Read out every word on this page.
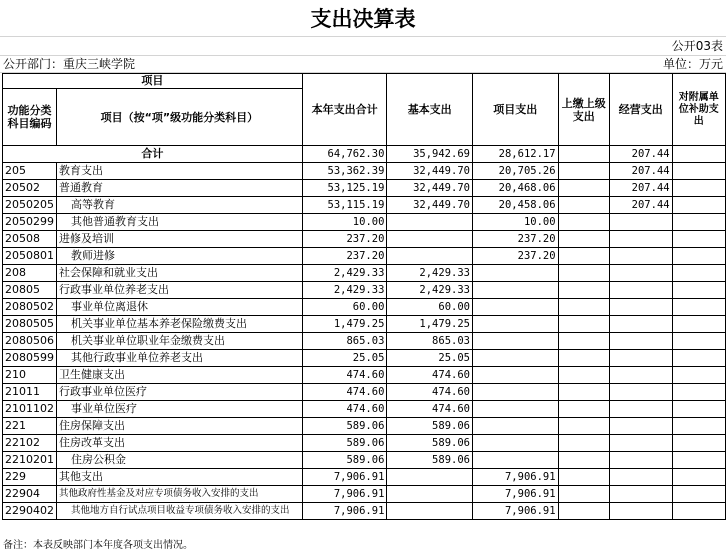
支出决算表
公开03表
公开部门：重庆三峡学院	单位：万元
项目		本年支出合计	基本支出	项目支出	上缴上级支出	经营支出	对附属单位补助支出
功能分类科目编码	项目（按“项”级功能分类科目）						
合计		64,762.30	35,942.69	28,612.17		207.44	
205	教育支出	53,362.39	32,449.70	20,705.26		207.44	
20502	普通教育	53,125.19	32,449.70	20,468.06		207.44	
2050205	高等教育	53,115.19	32,449.70	20,458.06		207.44	
2050299	其他普通教育支出	10.00		10.00			
20508	进修及培训	237.20		237.20			
2050801	教师进修	237.20		237.20			
208	社会保障和就业支出	2,429.33	2,429.33				
20805	行政事业单位养老支出	2,429.33	2,429.33				
2080502	事业单位离退休	60.00	60.00				
2080505	机关事业单位基本养老保险缴费支出	1,479.25	1,479.25				
2080506	机关事业单位职业年金缴费支出	865.03	865.03				
2080599	其他行政事业单位养老支出	25.05	25.05				
210	卫生健康支出	474.60	474.60				
21011	行政事业单位医疗	474.60	474.60				
2101102	事业单位医疗	474.60	474.60				
221	住房保障支出	589.06	589.06				
22102	住房改革支出	589.06	589.06				
2210201	住房公积金	589.06	589.06				
229	其他支出	7,906.91		7,906.91			
22904	其他政府性基金及对应专项债务收入安排的支出	7,906.91		7,906.91			
2290402	其他地方自行试点项目收益专项债务收入安排的支出	7,906.91		7,906.91			
备注：本表反映部门本年度各项支出情况。
